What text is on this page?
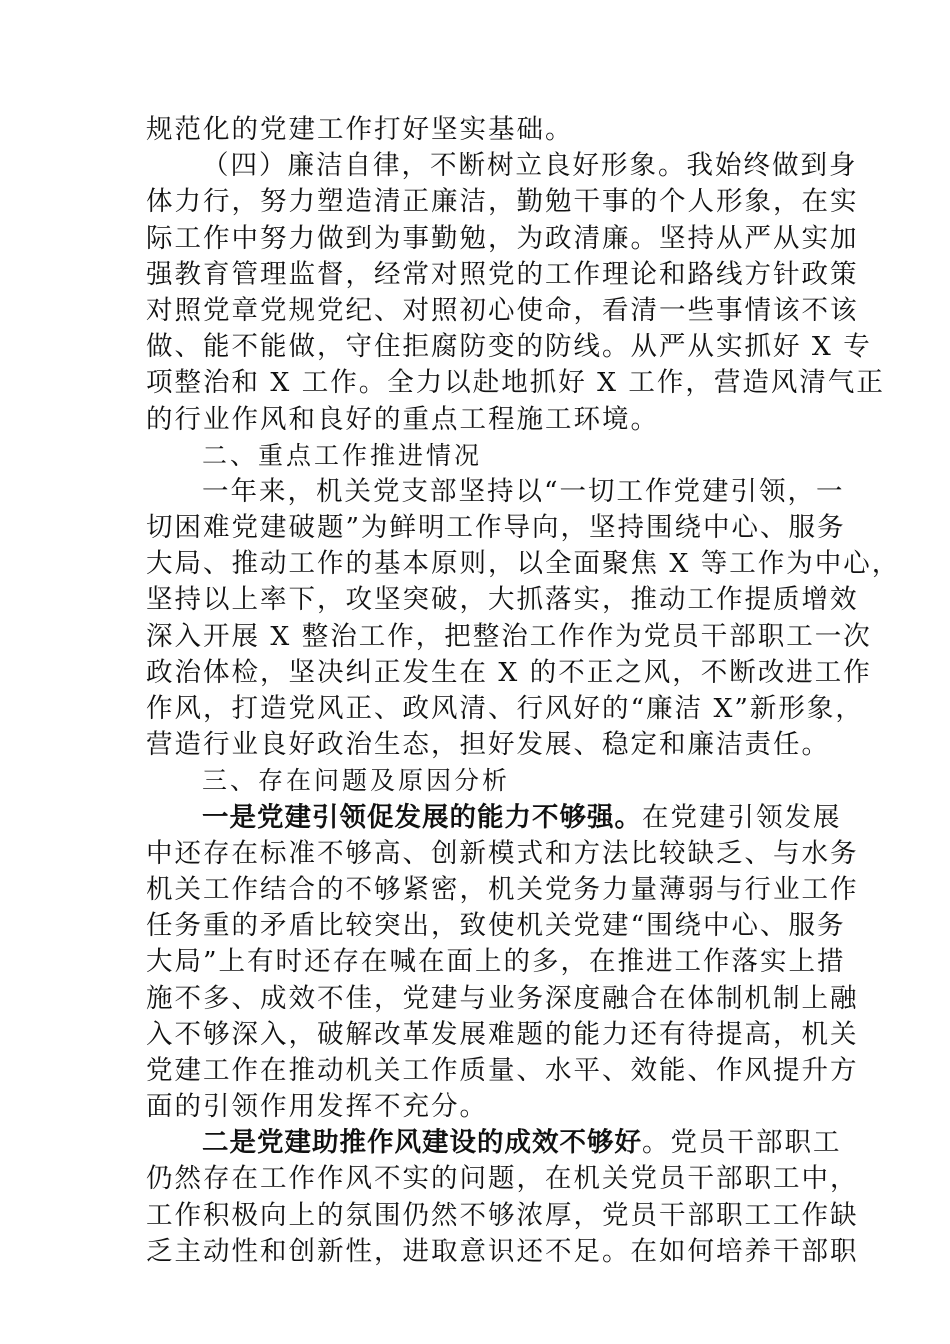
规范化的党建工作打好坚实基础。
（四）廉洁自律，不断树立良好形象。我始终做到身
体力行，努力塑造清正廉洁，勤勉干事的个人形象，在实
际工作中努力做到为事勤勉，为政清廉。坚持从严从实加
强教育管理监督，经常对照党的工作理论和路线方针政策
对照党章党规党纪、对照初心使命，看清一些事情该不该
做、能不能做，守住拒腐防变的防线。从严从实抓好 X 专
项整治和 X 工作。全力以赴地抓好 X 工作，营造风清气正
的行业作风和良好的重点工程施工环境。
二、重点工作推进情况
一年来，机关党支部坚持以“一切工作党建引领，一
切困难党建破题”为鲜明工作导向，坚持围绕中心、服务
大局、推动工作的基本原则，以全面聚焦 X 等工作为中心，
坚持以上率下，攻坚突破，大抓落实，推动工作提质增效
深入开展 X 整治工作，把整治工作作为党员干部职工一次
政治体检，坚决纠正发生在 X 的不正之风，不断改进工作
作风，打造党风正、政风清、行风好的“廉洁 X”新形象，
营造行业良好政治生态，担好发展、稳定和廉洁责任。
三、存在问题及原因分析
一是党建引领促发展的能力不够强。在党建引领发展
中还存在标准不够高、创新模式和方法比较缺乏、与水务
机关工作结合的不够紧密，机关党务力量薄弱与行业工作
任务重的矛盾比较突出，致使机关党建“围绕中心、服务
大局”上有时还存在喊在面上的多，在推进工作落实上措
施不多、成效不佳，党建与业务深度融合在体制机制上融
入不够深入，破解改革发展难题的能力还有待提高，机关
党建工作在推动机关工作质量、水平、效能、作风提升方
面的引领作用发挥不充分。
二是党建助推作风建设的成效不够好。党员干部职工
仍然存在工作作风不实的问题，在机关党员干部职工中，
工作积极向上的氛围仍然不够浓厚，党员干部职工工作缺
乏主动性和创新性，进取意识还不足。在如何培养干部职
